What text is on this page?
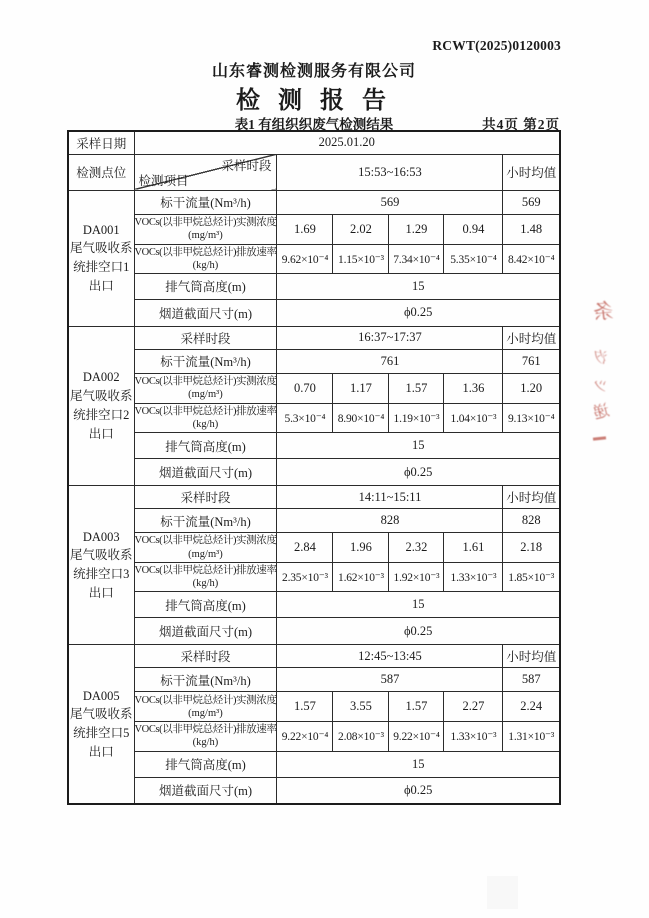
RCWT(2025)0120003
山东睿测检测服务有限公司
检 测 报 告
表1 有组织织废气检测结果	共4页 第2页
采样日期	2025.01.20					
检测点位	采样时段
检测项目	15:53~16:53				小时均值

DA001
尾气吸收系统排空口1出口	标干流量(Nm³/h)	569				569

	VOCs(以非甲烷总烃计)实测浓度
(mg/m³)	1.69	2.02	1.29	0.94	1.48

	VOCs(以非甲烷总烃计)排放速率
(kg/h)	9.62×10⁻⁴	1.15×10⁻³	7.34×10⁻⁴	5.35×10⁻⁴	8.42×10⁻⁴
	排气筒高度(m)	15				
	烟道截面尺寸(m)	ϕ0.25				

DA002
尾气吸收系统排空口2出口	采样时段	16:37~17:37				小时均值
	标干流量(Nm³/h)	761				761

	VOCs(以非甲烷总烃计)实测浓度
(mg/m³)	0.70	1.17	1.57	1.36	1.20

	VOCs(以非甲烷总烃计)排放速率
(kg/h)	5.3×10⁻⁴	8.90×10⁻⁴	1.19×10⁻³	1.04×10⁻³	9.13×10⁻⁴
	排气筒高度(m)	15				
	烟道截面尺寸(m)	ϕ0.25				

DA003
尾气吸收系统排空口3出口	采样时段	14:11~15:11				小时均值
	标干流量(Nm³/h)	828				828

	VOCs(以非甲烷总烃计)实测浓度
(mg/m³)	2.84	1.96	2.32	1.61	2.18

	VOCs(以非甲烷总烃计)排放速率
(kg/h)	2.35×10⁻³	1.62×10⁻³	1.92×10⁻³	1.33×10⁻³	1.85×10⁻³
	排气筒高度(m)	15				
	烟道截面尺寸(m)	ϕ0.25				

DA005
尾气吸收系统排空口5出口	采样时段	12:45~13:45				小时均值
	标干流量(Nm³/h)	587				587

	VOCs(以非甲烷总烃计)实测浓度
(mg/m³)	1.57	3.55	1.57	2.27	2.24

	VOCs(以非甲烷总烃计)排放速率
(kg/h)	9.22×10⁻⁴	2.08×10⁻³	9.22×10⁻⁴	1.33×10⁻³	1.31×10⁻³
	排气筒高度(m)	15				
	烟道截面尺寸(m)	ϕ0.25				
条
汐
ツ
递
